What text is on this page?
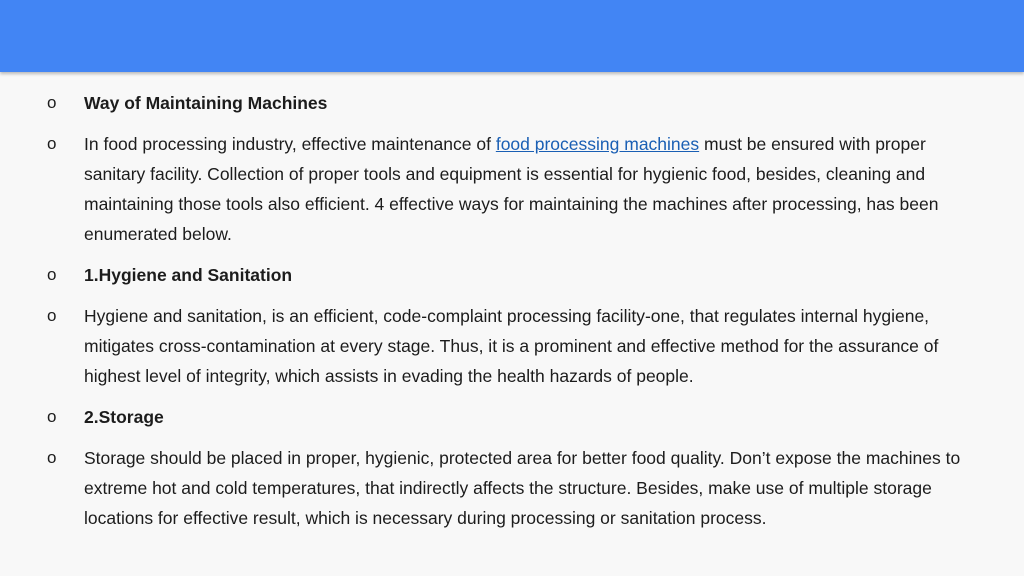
o Way of Maintaining Machines
o In food processing industry, effective maintenance of food processing machines must be ensured with proper sanitary facility. Collection of proper tools and equipment is essential for hygienic food, besides, cleaning and maintaining those tools also efficient. 4 effective ways for maintaining the machines after processing, has been enumerated below.
o 1.Hygiene and Sanitation
o Hygiene and sanitation, is an efficient, code-complaint processing facility-one, that regulates internal hygiene, mitigates cross-contamination at every stage. Thus, it is a prominent and effective method for the assurance of highest level of integrity, which assists in evading the health hazards of people.
o 2.Storage
o Storage should be placed in proper, hygienic, protected area for better food quality. Don’t expose the machines to extreme hot and cold temperatures, that indirectly affects the structure. Besides, make use of multiple storage locations for effective result, which is necessary during processing or sanitation process.
